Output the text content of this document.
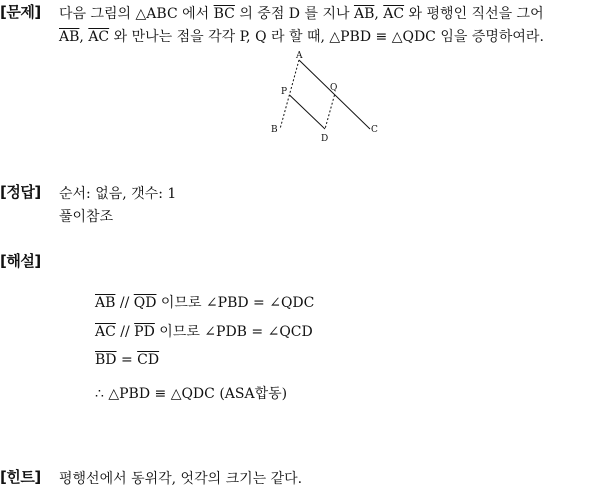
[문제] 다음 그림의 △ABC 에서 $\overline{BC}$ 의 중점 D 를 지나 $\overline{AB}$, $\overline{AC}$ 와 평행인 직선을 그어
$\overline{AB}$, $\overline{AC}$ 와 만나는 점을 각각 P, Q 라 할 때, △PBD ≡ △QDC 임을 증명하여라.
A
B	C
D
P	Q
[정답] 순서: 없음, 갯수: 1
풀이참조
[해설]
$\overline{AB} // \overline{QD}$ 이므로 ∠PBD = ∠QDC
$\overline{AC} // \overline{PD}$ 이므로 ∠PDB = ∠QCD
$\overline{BD} = \overline{CD}$
∴ △PBD ≡ △QDC (ASA합동)
[힌트] 평행선에서 동위각, 엇각의 크기는 같다.
